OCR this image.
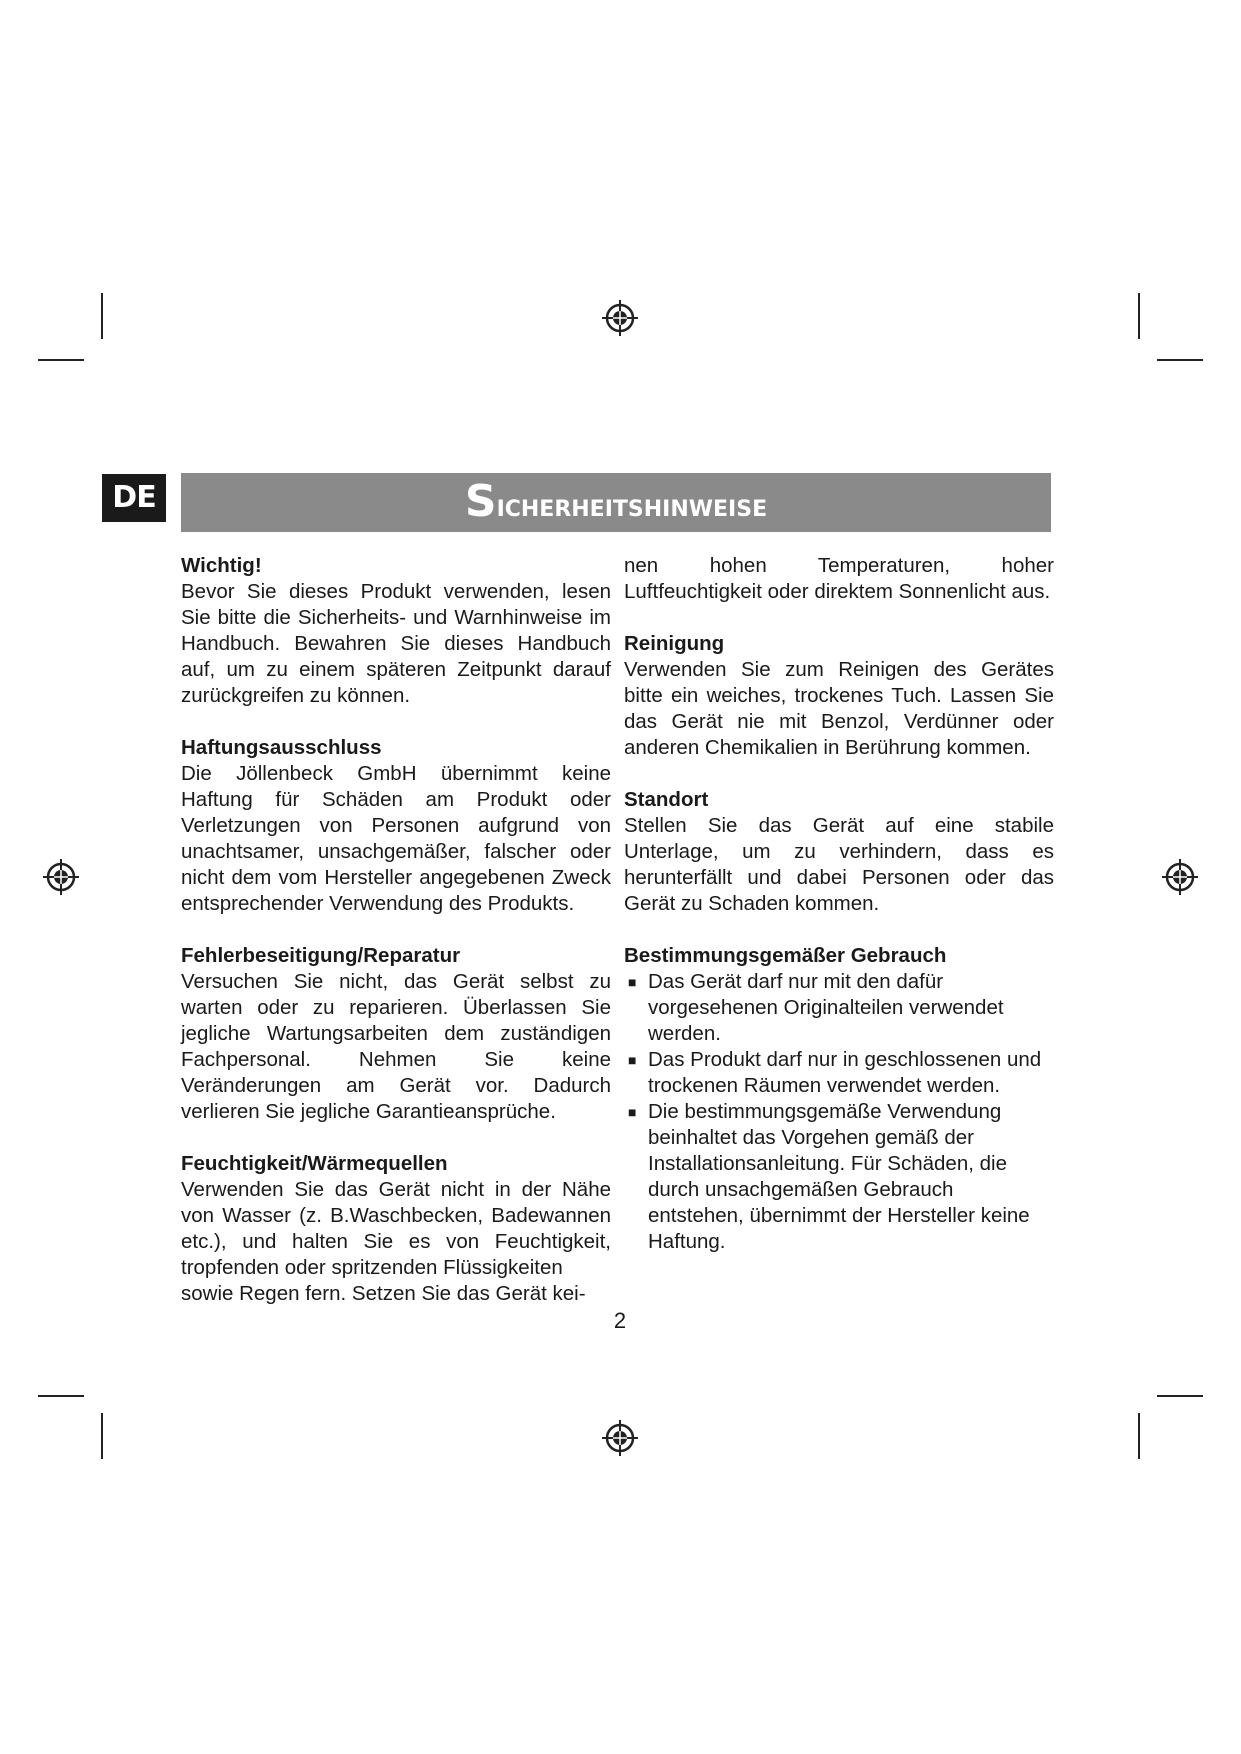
DE	Sicherheitshinweise

Wichtig!

Bevor Sie dieses Produkt verwenden, lesen Sie bitte die Sicherheits- und Warnhinweise im Handbuch. Bewahren Sie dieses Handbuch auf, um zu einem späteren Zeitpunkt darauf zurückgreifen zu können.

Haftungsausschluss

Die Jöllenbeck GmbH übernimmt keine Haftung für Schäden am Produkt oder Verletzungen von Personen aufgrund von unachtsamer, unsachgemäßer, falscher oder nicht dem vom Hersteller angegebenen Zweck entsprechender Verwendung des Produkts.

Fehlerbeseitigung/Reparatur

Versuchen Sie nicht, das Gerät selbst zu warten oder zu reparieren. Überlassen Sie jegliche Wartungsarbeiten dem zuständigen Fachpersonal. Nehmen Sie keine Veränderungen am Gerät vor. Dadurch verlieren Sie jegliche Garantieansprüche.

Feuchtigkeit/Wärmequellen

Verwenden Sie das Gerät nicht in der Nähe von Wasser (z. B.Waschbecken, Badewannen etc.), und halten Sie es von Feuchtigkeit, tropfenden oder spritzenden Flüssigkeiten

sowie Regen fern. Setzen Sie das Gerät kei-

nen hohen Temperaturen, hoher Luftfeuchtigkeit oder direktem Sonnenlicht aus.

Reinigung

Verwenden Sie zum Reinigen des Gerätes bitte ein weiches, trockenes Tuch. Lassen Sie das Gerät nie mit Benzol, Verdünner oder anderen Chemikalien in Berührung kommen.

Standort

Stellen Sie das Gerät auf eine stabile Unterlage, um zu verhindern, dass es herunterfällt und dabei Personen oder das Gerät zu Schaden kommen.

Bestimmungsgemäßer Gebrauch

■ Das Gerät darf nur mit den dafür vorgesehenen Originalteilen verwendet werden.
■ Das Produkt darf nur in geschlossenen und trockenen Räumen verwendet werden.
■ Die bestimmungsgemäße Verwendung beinhaltet das Vorgehen gemäß der Installationsanleitung. Für Schäden, die durch unsachgemäßen Gebrauch entstehen, übernimmt der Hersteller keine Haftung.
2
